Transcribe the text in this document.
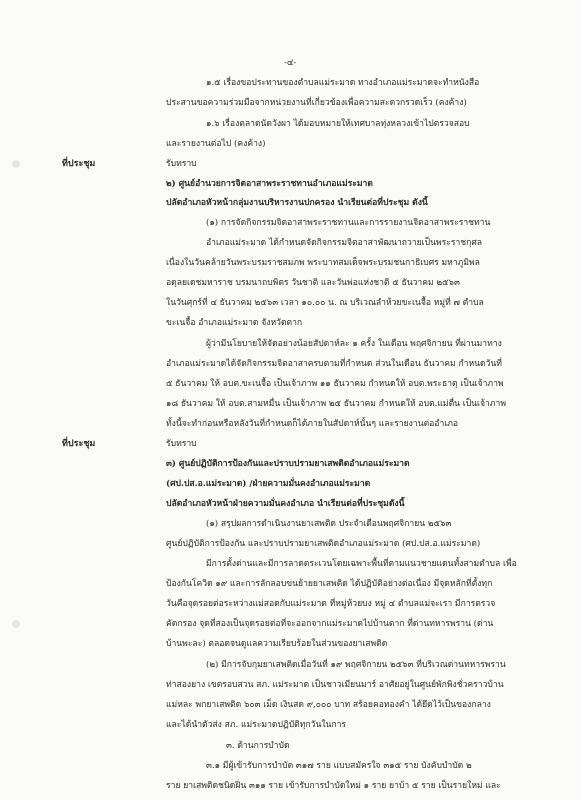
-๔-
๑.๕ เรื่องขอประทานของตำบลแม่ระมาด ทางอำเภอแม่ระมาดจะทำหนังสือ
ประสานขอความร่วมมือจากหน่วยงานที่เกี่ยวข้องเพื่อความสะดวกรวดเร็ว (คงค้าง)
๑.๖ เรื่องตลาดนัดวังผา ได้มอบหมายให้เทศบาลทุ่งหลวงเข้าไปตรวจสอบ
และรายงานต่อไป (คงค้าง)
รับทราบ
๒) ศูนย์อำนวยการจิตอาสาพระราชทานอำเภอแม่ระมาด
ปลัดอำเภอหัวหน้ากลุ่มงานบริหารงานปกครอง นำเรียนต่อที่ประชุม ดังนี้
(๑) การจัดกิจกรรมจิตอาสาพระราชทานและการรายงานจิตอาสาพระราชทาน
อำเภอแม่ระมาด ได้กำหนดจัดกิจกรรมจิตอาสาพัฒนาถวายเป็นพระราชกุศล
เนื่องในวันคล้ายวันพระบรมราชสมภพ พระบาทสมเด็จพระบรมชนกาธิเบศร มหาภูมิพล
อดุลยเดชมหาราช บรมนาถบพิตร วันชาติ และวันพ่อแห่งชาติ ๕ ธันวาคม ๒๕๖๓
ในวันศุกร์ที่ ๔ ธันวาคม ๒๕๖๓ เวลา ๑๐.๐๐ น. ณ บริเวณลำห้วยขะเนจื้อ หมู่ที่ ๗ ตำบล
ขะเนจื้อ อำเภอแม่ระมาด จังหวัดตาก
ผู้ว่ามีนโยบายให้จัดอย่างน้อยสัปดาห์ละ ๑ ครั้ง ในเดือน พฤศจิกายน ที่ผ่านมาทาง
อำเภอแม่ระมาดได้จัดกิจกรรมจิตอาสาครบตามที่กำหนด ส่วนในเดือน ธันวาคม กำหนดวันที่
๕ ธันวาคม ให้ อบต.ขะเนจื้อ เป็นเจ้าภาพ ๑๑ ธันวาคม กำหนดให้ อบต.พระธาตุ เป็นเจ้าภาพ
๑๘ ธันวาคม ให้ อบต.สามหมื่น เป็นเจ้าภาพ ๒๕ ธันวาคม กำหนดให้ อบต.แม่ตื่น เป็นเจ้าภาพ
ทั้งนี้จะทำก่อนหรือหลังวันที่กำหนดก็ได้ภายในสัปดาห์นั้นๆ และรายงานต่ออำเภอ
รับทราบ
๓) ศูนย์ปฏิบัติการป้องกันและปราบปรามยาเสพติดอำเภอแม่ระมาด
(ศป.ปส.อ.แม่ระมาด) /ฝ่ายความมั่นคงอำเภอแม่ระมาด
ปลัดอำเภอหัวหน้าฝ่ายความมั่นคงอำเภอ นำเรียนต่อที่ประชุมดังนี้
(๑) สรุปผลการดำเนินงานยาเสพติด ประจำเดือนพฤศจิกายน ๒๕๖๓
ศูนย์ปฏิบัติการป้องกัน และปราบปรามยาเสพติดอำเภอแม่ระมาด (ศป.ปส.อ.แม่ระมาด)
มีการตั้งด่านและมีการลาดตระเวนโดยเฉพาะพื้นที่ตามแนวชายแดนทั้งสามตำบล เพื่อ
ป้องกันโควิด ๑๙ และการลักลอบขนย้ายยาเสพติด ได้ปฏิบัติอย่างต่อเนื่อง มีจุดหลักที่ตั้งทุก
วันคือจุดรอยต่อระหว่างแม่สอดกับแม่ระมาด ที่หมู่ห้วยบง หมู่ ๔ ตำบลแม่จะเรา มีการตรวจ
คัดกรอง จุดที่สองเป็นจุดรอยต่อที่จะออกจากแม่ระมาดไปบ้านตาก ที่ด่านทหารพราน (ด่าน
บ้านพะละ) ตลอดจนดูแลความเรียบร้อยในส่วนของยาเสพติด
(๒) มีการจับกุมยาเสพติดเมื่อวันที่ ๑๙ พฤศจิกายน ๒๕๖๓ ที่บริเวณด่านทหารพราน
ท่าสองยาง เขตรอบสวน สภ. แม่ระมาด เป็นชาวเมียนมาร์ อาศัยอยู่ในศูนย์พักพิงชั่วคราวบ้าน
แม่หละ พกยาเสพติด ๖๐๓ เม็ด เงินสด ๙,๐๐๐ บาท สร้อยคอทองคำ ได้ยึดไว้เป็นของกลาง
และได้นำตัวส่ง สภ. แม่ระมาดปฏิบัติทุกวันในการ
๓. ด้านการบำบัด
๓.๑ มีผู้เข้ารับการบำบัด ๓๑๗ ราย แบบสมัครใจ ๓๑๕ ราย บังคับบำบัด ๒
ราย ยาเสพติดชนิดฝิ่น ๓๑๑ ราย เข้ารับการบำบัดใหม่ ๑ ราย ยาบ้า ๕ ราย เป็นรายใหม่ และ
ที่ประชุม
ที่ประชุม
